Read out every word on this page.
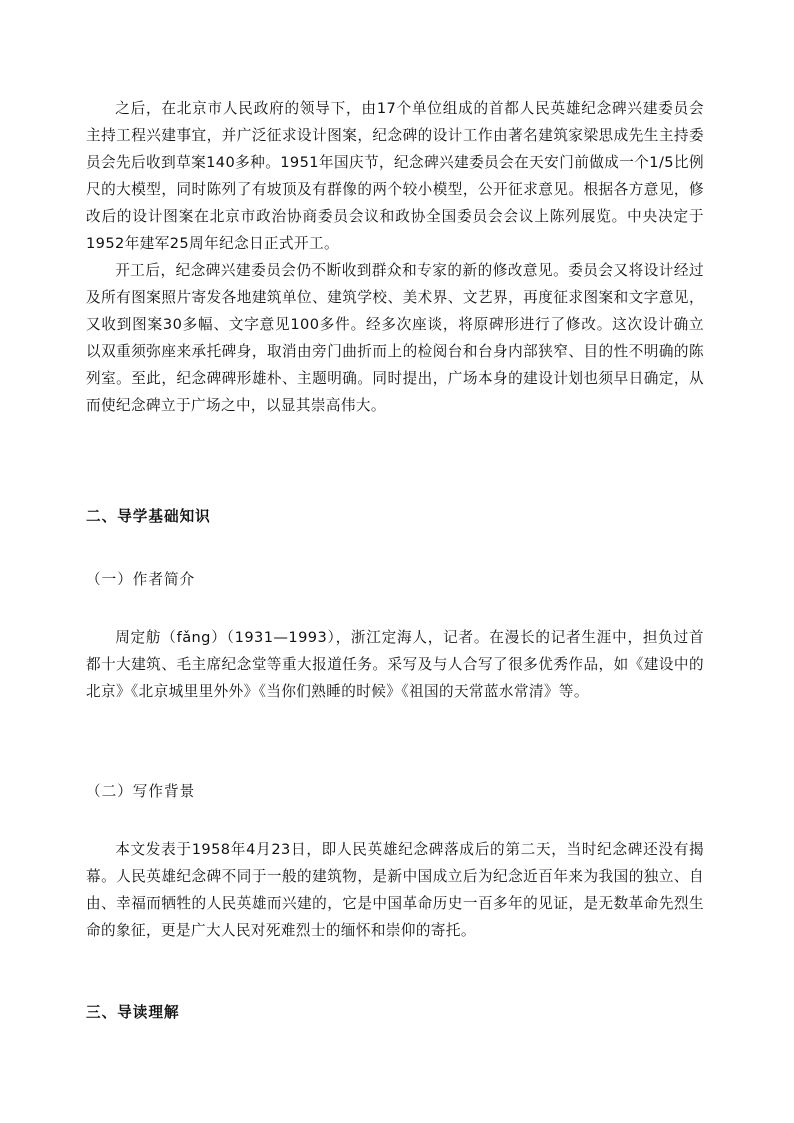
之后，在北京市人民政府的领导下，由17个单位组成的首都人民英雄纪念碑兴建委员会主持工程兴建事宜，并广泛征求设计图案，纪念碑的设计工作由著名建筑家梁思成先生主持委员会先后收到草案140多种。1951年国庆节，纪念碑兴建委员会在天安门前做成一个1/5比例尺的大模型，同时陈列了有坡顶及有群像的两个较小模型，公开征求意见。根据各方意见，修改后的设计图案在北京市政治协商委员会议和政协全国委员会会议上陈列展览。中央决定于1952年建军25周年纪念日正式开工。

开工后，纪念碑兴建委员会仍不断收到群众和专家的新的修改意见。委员会又将设计经过及所有图案照片寄发各地建筑单位、建筑学校、美术界、文艺界，再度征求图案和文字意见，又收到图案30多幅、文字意见100多件。经多次座谈，将原碑形进行了修改。这次设计确立以双重须弥座来承托碑身，取消由旁门曲折而上的检阅台和台身内部狭窄、目的性不明确的陈列室。至此，纪念碑碑形雄朴、主题明确。同时提出，广场本身的建设计划也须早日确定，从而使纪念碑立于广场之中，以显其崇高伟大。

二、导学基础知识

（一）作者简介

周定舫（fǎng）（1931—1993），浙江定海人，记者。在漫长的记者生涯中，担负过首都十大建筑、毛主席纪念堂等重大报道任务。采写及与人合写了很多优秀作品，如《建设中的北京》《北京城里里外外》《当你们熟睡的时候》《祖国的天常蓝水常清》等。

（二）写作背景

本文发表于1958年4月23日，即人民英雄纪念碑落成后的第二天，当时纪念碑还没有揭幕。人民英雄纪念碑不同于一般的建筑物，是新中国成立后为纪念近百年来为我国的独立、自由、幸福而牺牲的人民英雄而兴建的，它是中国革命历史一百多年的见证，是无数革命先烈生命的象征，更是广大人民对死难烈士的缅怀和崇仰的寄托。

三、导读理解
